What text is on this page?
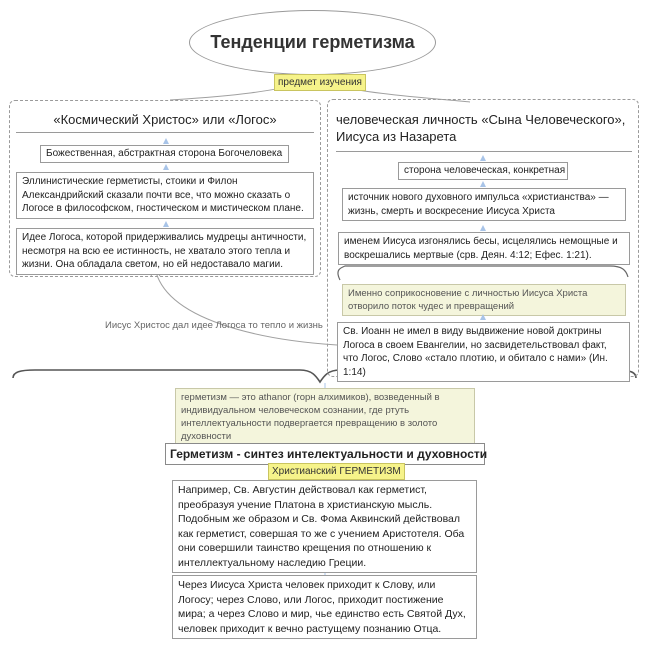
Тенденции герметизма
предмет изучения
«Космический Христос» или «Логос»
Божественная, абстрактная сторона Богочеловека
Эллинистические герметисты, стоики и Филон Александрийский сказали почти все, что можно сказать о Логосе в философском, гностическом и мистическом плане.
Идее Логоса, которой придерживались мудрецы античности, несмотря на всю ее истинность, не хватало этого тепла и жизни. Она обладала светом, но ей недоставало магии.
человеческая личность «Сына Человеческого», Иисуса из Назарета
сторона человеческая, конкретная
источник нового духовного импульса «христианства» — жизнь, смерть и воскресение Иисуса Христа
именем Иисуса изгонялись бесы, исцелялись немощные и воскрешались мертвые (срв. Деян. 4:12; Ефес. 1:21).
Именно соприкосновение с личностью Иисуса Христа отворило поток чудес и превращений
Св. Иоанн не имел в виду выдвижение новой доктрины Логоса в своем Евангелии, но засвидетельствовал факт, что Логос, Слово «стало плотию, и обитало с нами» (Ин. 1:14)
Иисус Христос дал идее Логоса то тепло и жизнь
герметизм — это athanor (горн алхимиков), возведенный в индивидуальном человеческом сознании, где ртуть интеллектуальности подвергается превращению в золото духовности
Герметизм - синтез интелектуальности и духовности
Христианский ГЕРМЕТИЗМ
Например, Св. Августин действовал как герметист, преобразуя учение Платона в христианскую мысль. Подобным же образом и Св. Фома Аквинский действовал как герметист, совершая то же с учением Аристотеля. Оба они совершили таинство крещения по отношению к интеллектуальному наследию Греции.
Через Иисуса Христа человек приходит к Слову, или Логосу; через Слово, или Логос, приходит постижение мира; а через Слово и мир, чье единство есть Святой Дух, человек приходит к вечно растущему познанию Отца.
